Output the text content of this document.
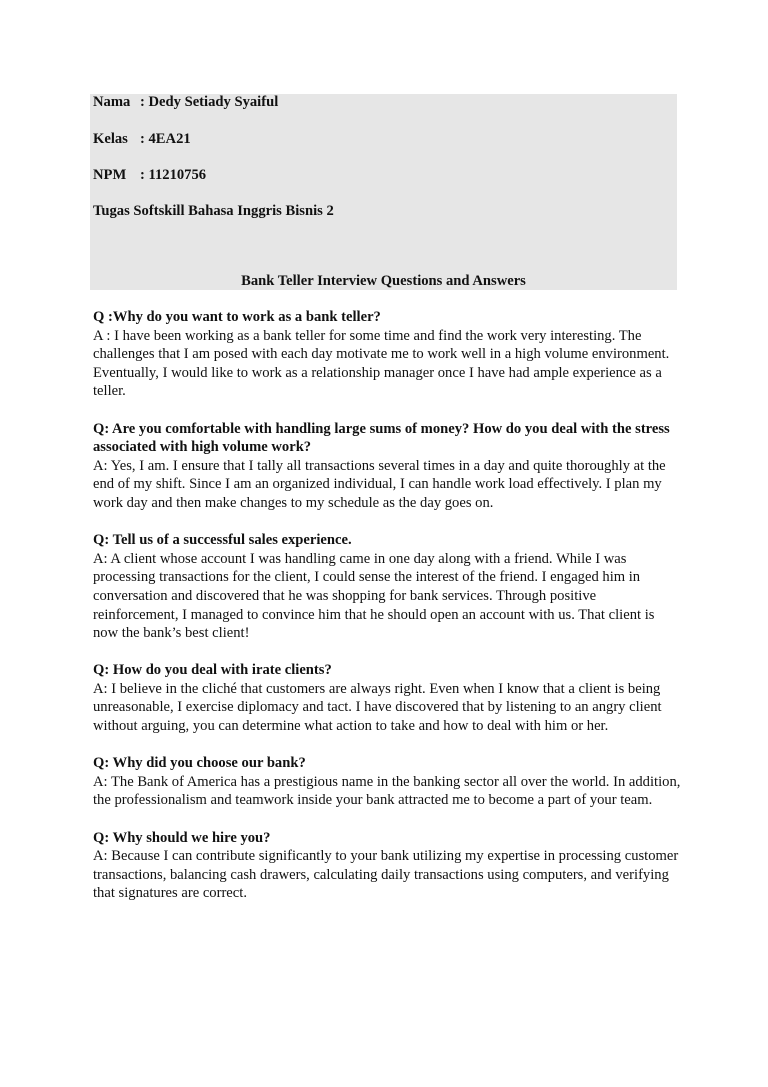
Nama : Dedy Setiady Syaiful
Kelas : 4EA21
NPM : 11210756
Tugas Softskill Bahasa Inggris Bisnis 2
Bank Teller Interview Questions and Answers

Q :Why do you want to work as a bank teller?

A : I have been working as a bank teller for some time and find the work very interesting. The challenges that I am posed with each day motivate me to work well in a high volume environment. Eventually, I would like to work as a relationship manager once I have had ample experience as a teller.

Q: Are you comfortable with handling large sums of money? How do you deal with the stress associated with high volume work?

A: Yes, I am. I ensure that I tally all transactions several times in a day and quite thoroughly at the end of my shift. Since I am an organized individual, I can handle work load effectively. I plan my work day and then make changes to my schedule as the day goes on.

Q: Tell us of a successful sales experience.

A: A client whose account I was handling came in one day along with a friend. While I was processing transactions for the client, I could sense the interest of the friend. I engaged him in conversation and discovered that he was shopping for bank services. Through positive reinforcement, I managed to convince him that he should open an account with us. That client is now the bank’s best client!

Q: How do you deal with irate clients?

A: I believe in the cliché that customers are always right. Even when I know that a client is being unreasonable, I exercise diplomacy and tact. I have discovered that by listening to an angry client without arguing, you can determine what action to take and how to deal with him or her.

Q: Why did you choose our bank?

A: The Bank of America has a prestigious name in the banking sector all over the world. In addition, the professionalism and teamwork inside your bank attracted me to become a part of your team.

Q: Why should we hire you?

A: Because I can contribute significantly to your bank utilizing my expertise in processing customer transactions, balancing cash drawers, calculating daily transactions using computers, and verifying that signatures are correct.
